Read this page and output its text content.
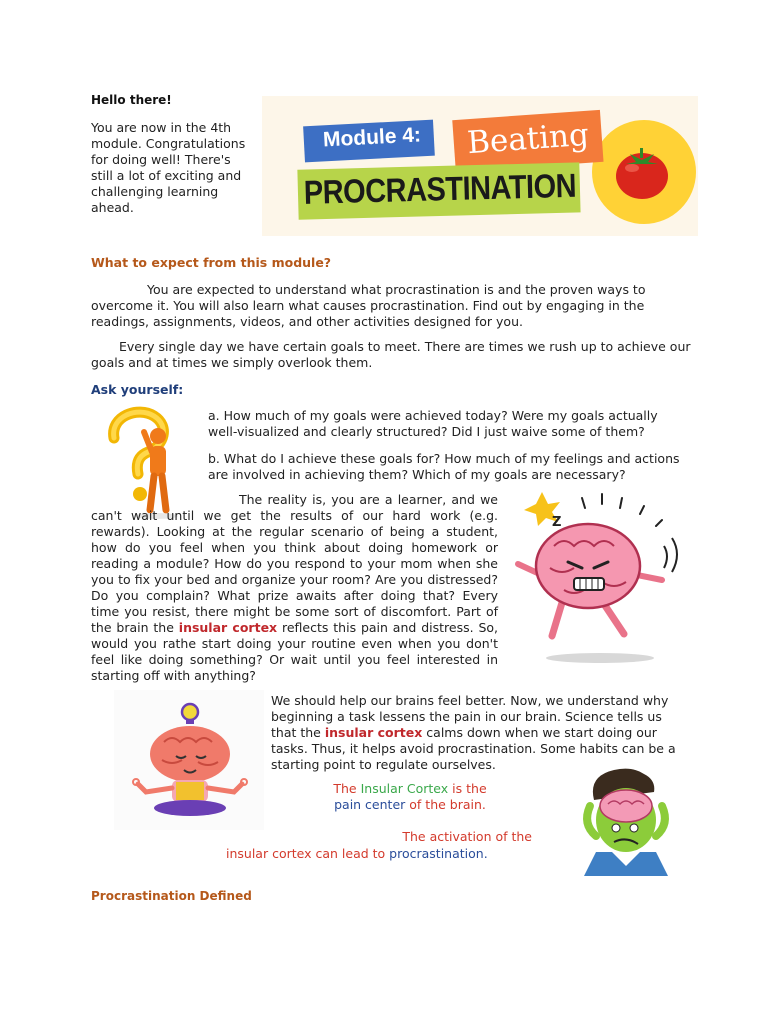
Hello there!
You are now in the 4th module. Congratulations for doing well! There's still a lot of exciting and challenging learning ahead.
Module 4: Beating
PROCRASTINATION
What to expect from this module?

You are expected to understand what procrastination is and the proven ways to overcome it. You will also learn what causes procrastination. Find out by engaging in the readings, assignments, videos, and other activities designed for you.

Every single day we have certain goals to meet. There are times we rush up to achieve our goals and at times we simply overlook them.

Ask yourself:

a. How much of my goals were achieved today? Were my goals actually well-visualized and clearly structured? Did I just waive some of them?

b. What do I achieve these goals for? How much of my feelings and actions are involved in achieving them? Which of my goals are necessary?

Z

The reality is, you are a learner, and we can't wait until we get the results of our hard work (e.g. rewards). Looking at the regular scenario of being a student, how do you feel when you think about doing homework or reading a module? How do you respond to your mom when she you to fix your bed and organize your room? Are you distressed? Do you complain? What prize awaits after doing that? Every time you resist, there might be some sort of discomfort. Part of the brain the insular cortex reflects this pain and distress. So, would you rathe start doing your routine even when you don't feel like doing something? Or wait until you feel interested in starting off with anything?

We should help our brains feel better. Now, we understand why beginning a task lessens the pain in our brain. Science tells us that the insular cortex calms down when we start doing our tasks. Thus, it helps avoid procrastination. Some habits can be a starting point to regulate ourselves.

The Insular Cortex is the
pain center of the brain.
The activation of the
insular cortex can lead to procrastination.
Procrastination Defined
